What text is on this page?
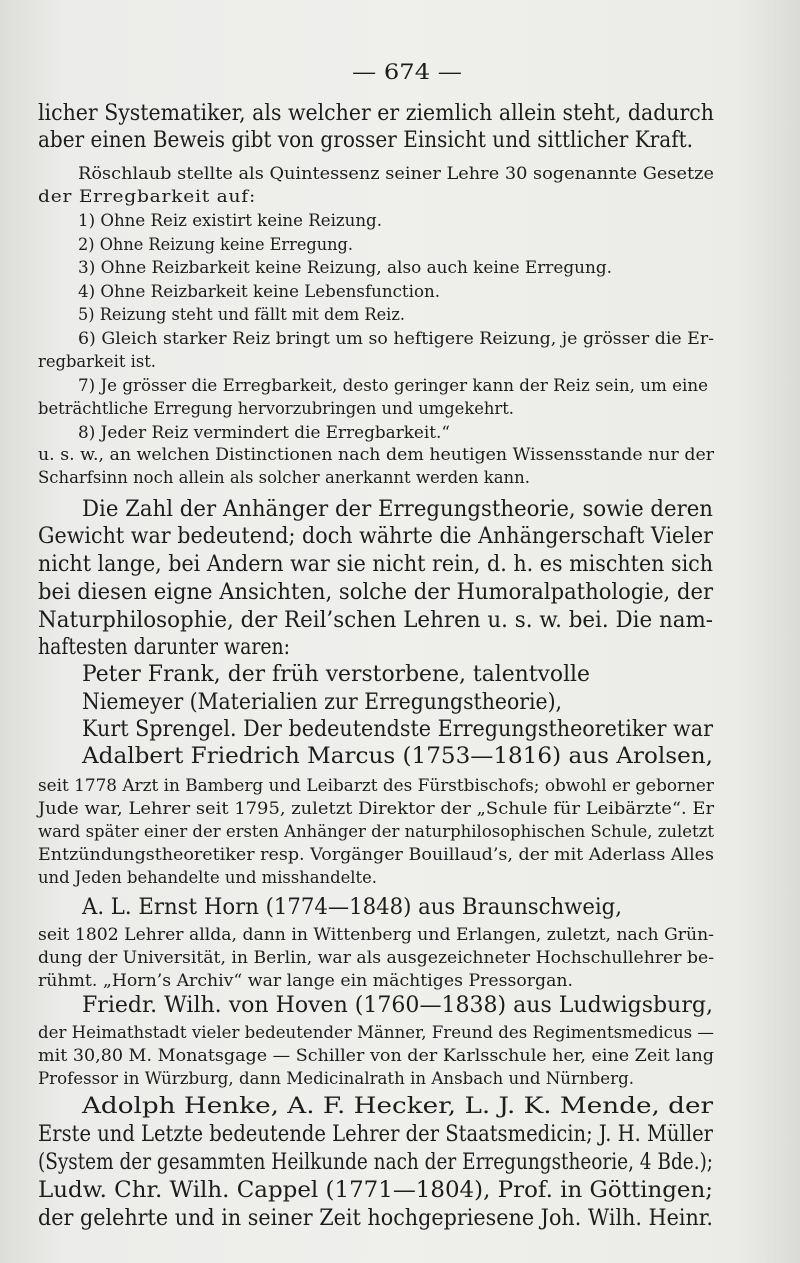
— 674 —
licher Systematiker, als welcher er ziemlich allein steht, dadurch
aber einen Beweis gibt von grosser Einsicht und sittlicher Kraft.
Röschlaub stellte als Quintessenz seiner Lehre 30 sogenannte Gesetze
der Erregbarkeit auf:
1) Ohne Reiz existirt keine Reizung.
2) Ohne Reizung keine Erregung.
3) Ohne Reizbarkeit keine Reizung, also auch keine Erregung.
4) Ohne Reizbarkeit keine Lebensfunction.
5) Reizung steht und fällt mit dem Reiz.
6) Gleich starker Reiz bringt um so heftigere Reizung, je grösser die Er-
regbarkeit ist.
7) Je grösser die Erregbarkeit, desto geringer kann der Reiz sein, um eine
beträchtliche Erregung hervorzubringen und umgekehrt.
8) Jeder Reiz vermindert die Erregbarkeit.“
u. s. w., an welchen Distinctionen nach dem heutigen Wissensstande nur der
Scharfsinn noch allein als solcher anerkannt werden kann.
Die Zahl der Anhänger der Erregungstheorie, sowie deren
Gewicht war bedeutend; doch währte die Anhängerschaft Vieler
nicht lange, bei Andern war sie nicht rein, d. h. es mischten sich
bei diesen eigne Ansichten, solche der Humoralpathologie, der
Naturphilosophie, der Reil’schen Lehren u. s. w. bei. Die nam-
haftesten darunter waren:
Peter Frank, der früh verstorbene, talentvolle
Niemeyer (Materialien zur Erregungstheorie),
Kurt Sprengel. Der bedeutendste Erregungstheoretiker war
Adalbert Friedrich Marcus (1753—1816) aus Arolsen,
seit 1778 Arzt in Bamberg und Leibarzt des Fürstbischofs; obwohl er geborner
Jude war, Lehrer seit 1795, zuletzt Direktor der „Schule für Leibärzte“. Er
ward später einer der ersten Anhänger der naturphilosophischen Schule, zuletzt
Entzündungstheoretiker resp. Vorgänger Bouillaud’s, der mit Aderlass Alles
und Jeden behandelte und misshandelte.
A. L. Ernst Horn (1774—1848) aus Braunschweig,
seit 1802 Lehrer allda, dann in Wittenberg und Erlangen, zuletzt, nach Grün-
dung der Universität, in Berlin, war als ausgezeichneter Hochschullehrer be-
rühmt. „Horn’s Archiv“ war lange ein mächtiges Pressorgan.
Friedr. Wilh. von Hoven (1760—1838) aus Ludwigsburg,
der Heimathstadt vieler bedeutender Männer, Freund des Regimentsmedicus —
mit 30,80 M. Monatsgage — Schiller von der Karlsschule her, eine Zeit lang
Professor in Würzburg, dann Medicinalrath in Ansbach und Nürnberg.
Adolph Henke, A. F. Hecker, L. J. K. Mende, der
Erste und Letzte bedeutende Lehrer der Staatsmedicin; J. H. Müller
(System der gesammten Heilkunde nach der Erregungstheorie, 4 Bde.);
Ludw. Chr. Wilh. Cappel (1771—1804), Prof. in Göttingen;
der gelehrte und in seiner Zeit hochgepriesene Joh. Wilh. Heinr.
